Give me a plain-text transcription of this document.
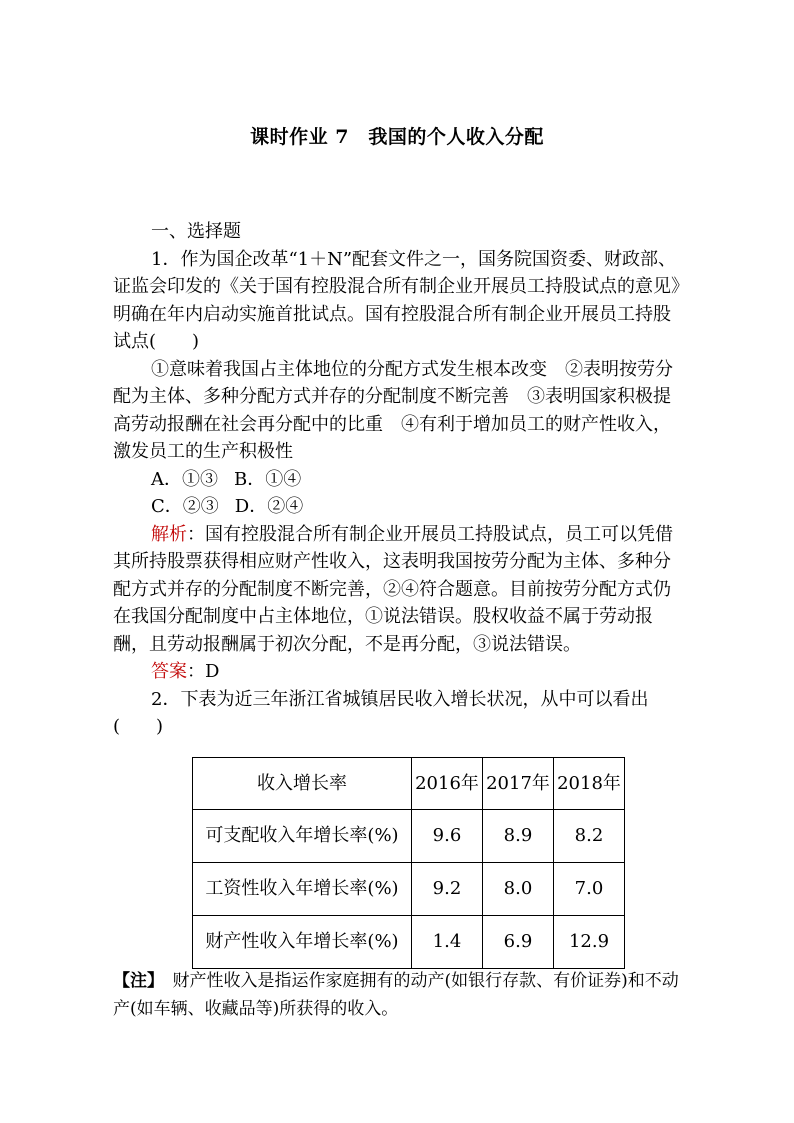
课时作业 7　我国的个人收入分配

一、选择题

1．作为国企改革“1＋N”配套文件之一，国务院国资委、财政部、证监会印发的《关于国有控股混合所有制企业开展员工持股试点的意见》明确在年内启动实施首批试点。国有控股混合所有制企业开展员工持股试点(　　)

①意味着我国占主体地位的分配方式发生根本改变　②表明按劳分配为主体、多种分配方式并存的分配制度不断完善　③表明国家积极提高劳动报酬在社会再分配中的比重　④有利于增加员工的财产性收入，激发员工的生产积极性

A．①③ B．①④

C．②③ D．②④

解析：国有控股混合所有制企业开展员工持股试点，员工可以凭借其所持股票获得相应财产性收入，这表明我国按劳分配为主体、多种分配方式并存的分配制度不断完善，②④符合题意。目前按劳分配方式仍在我国分配制度中占主体地位，①说法错误。股权收益不属于劳动报酬，且劳动报酬属于初次分配，不是再分配，③说法错误。

答案：D

2．下表为近三年浙江省城镇居民收入增长状况，从中可以看出(　　)

收入增长率	2016年	2017年	2018年
可支配收入年增长率(%)	9.6	8.9	8.2
工资性收入年增长率(%)	9.2	8.0	7.0
财产性收入年增长率(%)	1.4	6.9	12.9
【注】　财产性收入是指运作家庭拥有的动产(如银行存款、有价证券)和不动产(如车辆、收藏品等)所获得的收入。
